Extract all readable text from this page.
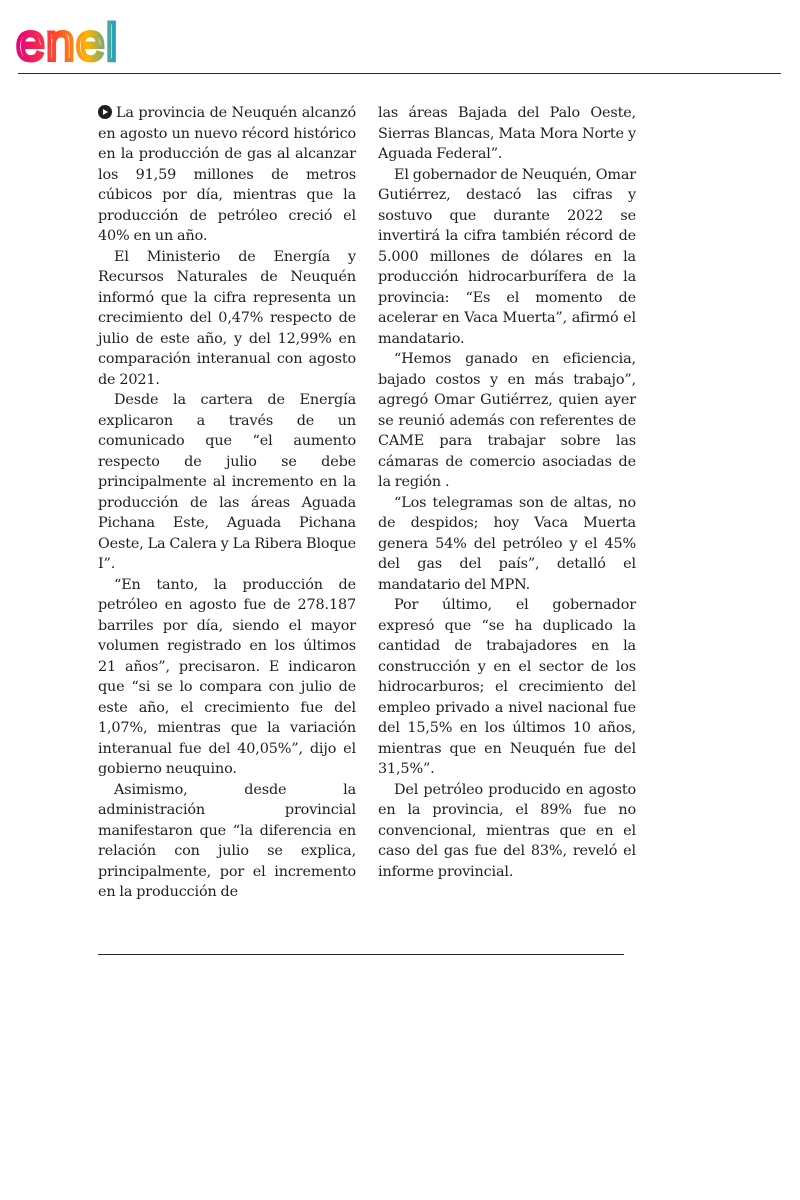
enel

La provincia de Neuquén alcanzó en agosto un nuevo récord histórico en la producción de gas al alcanzar los 91,59 millones de metros cúbicos por día, mientras que la producción de petróleo creció el 40% en un año.

El Ministerio de Energía y Recursos Naturales de Neuquén informó que la cifra representa un crecimiento del 0,47% respecto de julio de este año, y del 12,99% en comparación interanual con agosto de 2021.

Desde la cartera de Energía explicaron a través de un comunicado que “el aumento respecto de julio se debe principalmente al incremento en la producción de las áreas Aguada Pichana Este, Aguada Pichana Oeste, La Calera y La Ribera Bloque I”.

“En tanto, la producción de petróleo en agosto fue de 278.187 barriles por día, siendo el mayor volumen registrado en los últimos 21 años”, precisaron. E indicaron que “si se lo compara con julio de este año, el crecimiento fue del 1,07%, mientras que la variación interanual fue del 40,05%”, dijo el gobierno neuquino.

Asimismo, desde la administración provincial manifestaron que “la diferencia en relación con julio se explica, principalmente, por el incremento en la producción de

las áreas Bajada del Palo Oeste, Sierras Blancas, Mata Mora Norte y Aguada Federal”.

El gobernador de Neuquén, Omar Gutiérrez, destacó las cifras y sostuvo que durante 2022 se invertirá la cifra también récord de 5.000 millones de dólares en la producción hidrocarburífera de la provincia: “Es el momento de acelerar en Vaca Muerta”, afirmó el mandatario.

“Hemos ganado en eficiencia, bajado costos y en más trabajo”, agregó Omar Gutiérrez, quien ayer se reunió además con referentes de CAME para trabajar sobre las cámaras de comercio asociadas de la región .

“Los telegramas son de altas, no de despidos; hoy Vaca Muerta genera 54% del petróleo y el 45% del gas del país”, detalló el mandatario del MPN.

Por último, el gobernador expresó que “se ha duplicado la cantidad de trabajadores en la construcción y en el sector de los hidrocarburos; el crecimiento del empleo privado a nivel nacional fue del 15,5% en los últimos 10 años, mientras que en Neuquén fue del 31,5%”.

Del petróleo producido en agosto en la provincia, el 89% fue no convencional, mientras que en el caso del gas fue del 83%, reveló el informe provincial.
